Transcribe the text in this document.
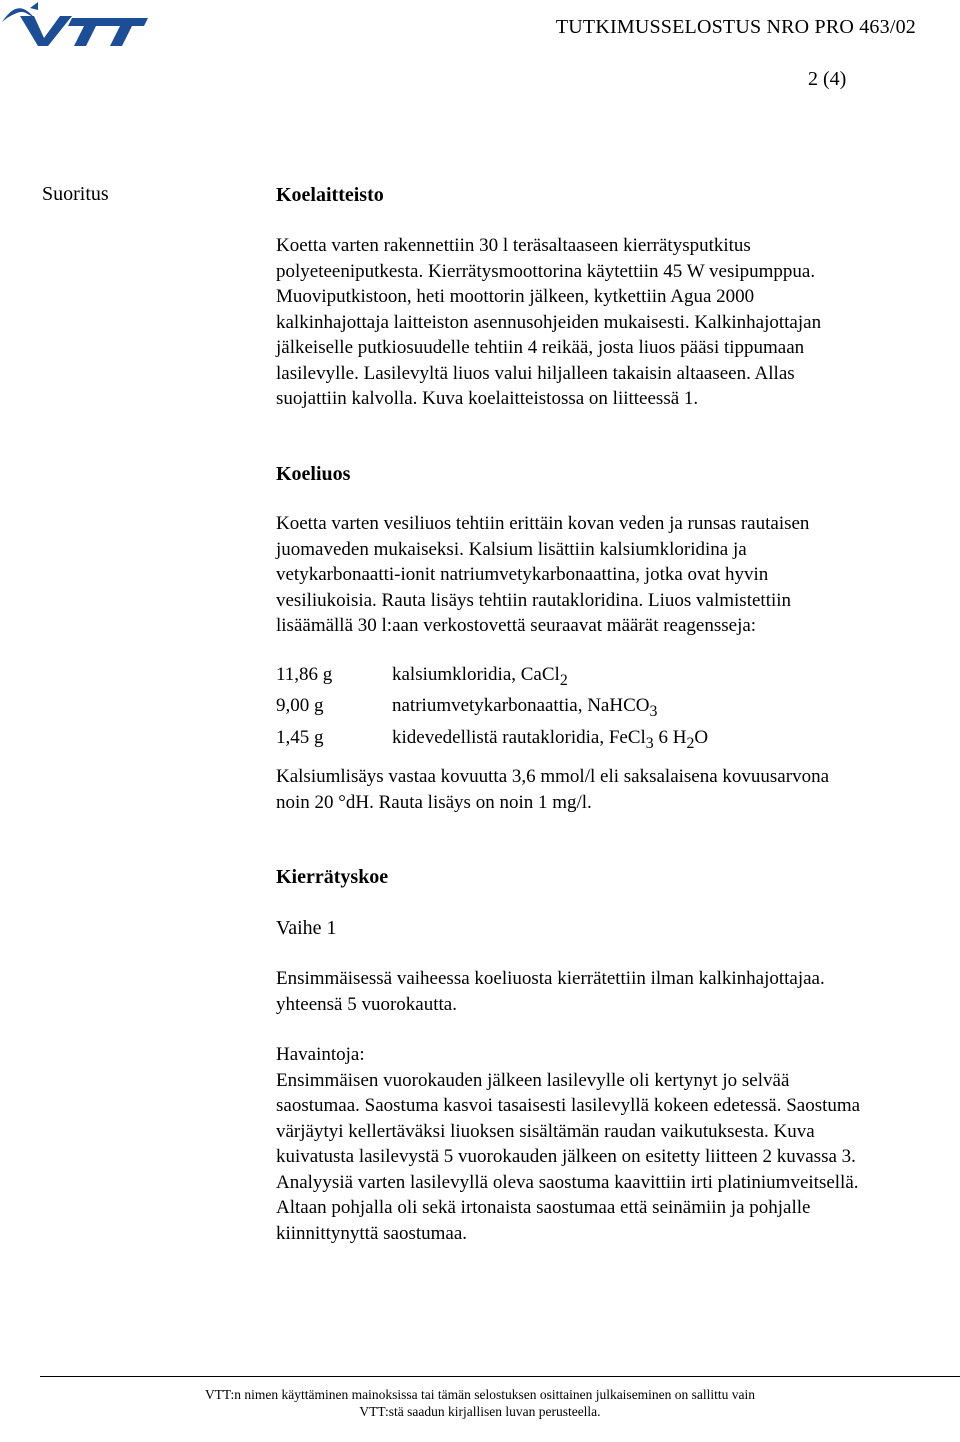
TUTKIMUSSELOSTUS NRO PRO 463/02
2 (4)
Suoritus	Koelaitteisto
Koetta varten rakennettiin 30 l teräsaltaaseen kierrätysputkitus
polyeteeniputkesta. Kierrätysmoottorina käytettiin 45 W vesipumppua.
Muoviputkistoon, heti moottorin jälkeen, kytkettiin Agua 2000
kalkinhajottaja laitteiston asennusohjeiden mukaisesti. Kalkinhajottajan
jälkeiselle putkiosuudelle tehtiin 4 reikää, josta liuos pääsi tippumaan
lasilevylle. Lasilevyltä liuos valui hiljalleen takaisin altaaseen. Allas
suojattiin kalvolla. Kuva koelaitteistossa on liitteessä 1.
Koeliuos
Koetta varten vesiliuos tehtiin erittäin kovan veden ja runsas rautaisen
juomaveden mukaiseksi. Kalsium lisättiin kalsiumkloridina ja
vetykarbonaatti-ionit natriumvetykarbonaattina, jotka ovat hyvin
vesiliukoisia. Rauta lisäys tehtiin rautakloridina. Liuos valmistettiin
lisäämällä 30 l:aan verkostovettä seuraavat määrät reagensseja:
11,86 g	kalsiumkloridia, CaCl$_2$
9,00 g	natriumvetykarbonaattia, NaHCO$_3$
1,45 g	kidevedellistä rautakloridia, FeCl$_3$ 6 $H_2O$
Kalsiumlisäys vastaa kovuutta 3,6 mmol/l eli saksalaisena kovuusarvona
noin 20 °dH. Rauta lisäys on noin 1 mg/l.
Kierrätyskoe
Vaihe 1
Ensimmäisessä vaiheessa koeliuosta kierrätettiin ilman kalkinhajottajaa.
yhteensä 5 vuorokautta.
Havaintoja:
Ensimmäisen vuorokauden jälkeen lasilevylle oli kertynyt jo selvää
saostumaa. Saostuma kasvoi tasaisesti lasilevyllä kokeen edetessä. Saostuma
värjäytyi kellertäväksi liuoksen sisältämän raudan vaikutuksesta. Kuva
kuivatusta lasilevystä 5 vuorokauden jälkeen on esitetty liitteen 2 kuvassa 3.
Analyysiä varten lasilevyllä oleva saostuma kaavittiin irti platiniumveitsellä.
Altaan pohjalla oli sekä irtonaista saostumaa että seinämiin ja pohjalle
kiinnittynyttä saostumaa.
VTT:n nimen käyttäminen mainoksissa tai tämän selostuksen osittainen julkaiseminen on sallittu vain
VTT:stä saadun kirjallisen luvan perusteella.
